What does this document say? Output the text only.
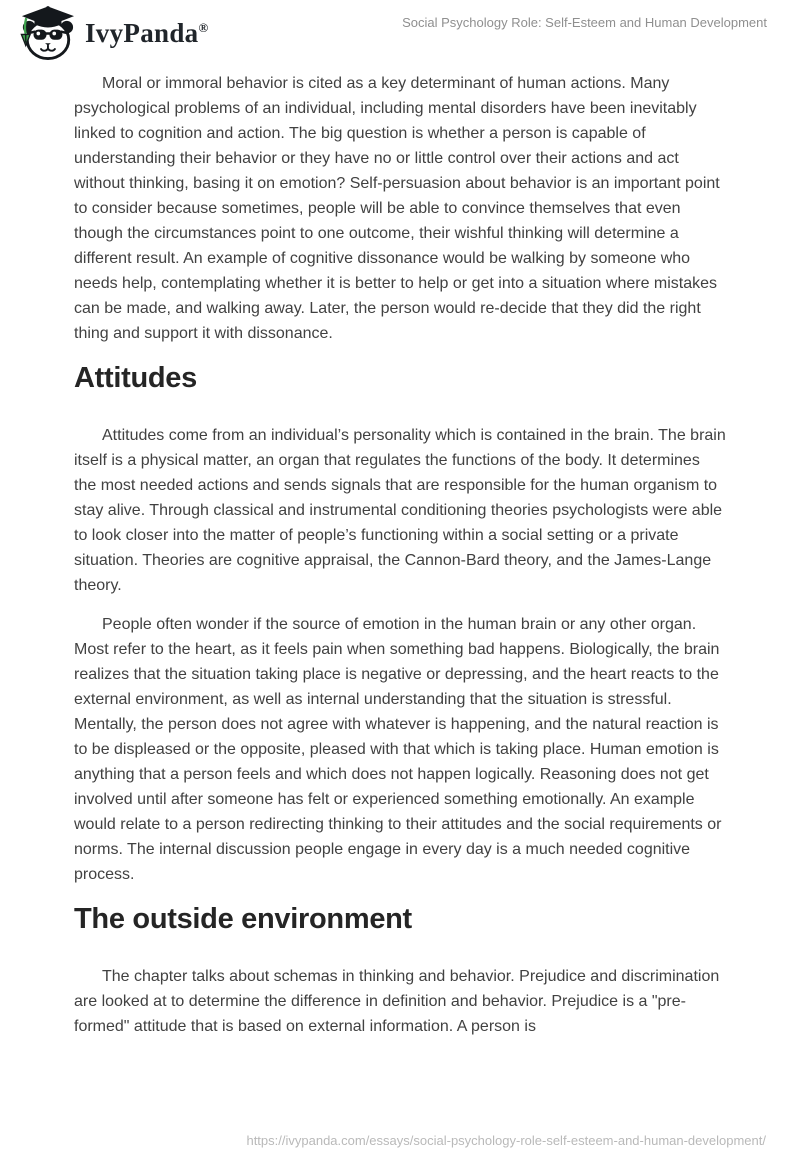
IvyPanda®	Social Psychology Role: Self-Esteem and Human Development

Moral or immoral behavior is cited as a key determinant of human actions. Many psychological problems of an individual, including mental disorders have been inevitably linked to cognition and action. The big question is whether a person is capable of understanding their behavior or they have no or little control over their actions and act without thinking, basing it on emotion? Self-persuasion about behavior is an important point to consider because sometimes, people will be able to convince themselves that even though the circumstances point to one outcome, their wishful thinking will determine a different result. An example of cognitive dissonance would be walking by someone who needs help, contemplating whether it is better to help or get into a situation where mistakes can be made, and walking away. Later, the person would re-decide that they did the right thing and support it with dissonance.

Attitudes

Attitudes come from an individual’s personality which is contained in the brain. The brain itself is a physical matter, an organ that regulates the functions of the body. It determines the most needed actions and sends signals that are responsible for the human organism to stay alive. Through classical and instrumental conditioning theories psychologists were able to look closer into the matter of people’s functioning within a social setting or a private situation. Theories are cognitive appraisal, the Cannon-Bard theory, and the James-Lange theory.

People often wonder if the source of emotion in the human brain or any other organ. Most refer to the heart, as it feels pain when something bad happens. Biologically, the brain realizes that the situation taking place is negative or depressing, and the heart reacts to the external environment, as well as internal understanding that the situation is stressful. Mentally, the person does not agree with whatever is happening, and the natural reaction is to be displeased or the opposite, pleased with that which is taking place. Human emotion is anything that a person feels and which does not happen logically. Reasoning does not get involved until after someone has felt or experienced something emotionally. An example would relate to a person redirecting thinking to their attitudes and the social requirements or norms. The internal discussion people engage in every day is a much needed cognitive process.

The outside environment

The chapter talks about schemas in thinking and behavior. Prejudice and discrimination are looked at to determine the difference in definition and behavior. Prejudice is a "pre-formed" attitude that is based on external information. A person is

https://ivypanda.com/essays/social-psychology-role-self-esteem-and-human-development/
